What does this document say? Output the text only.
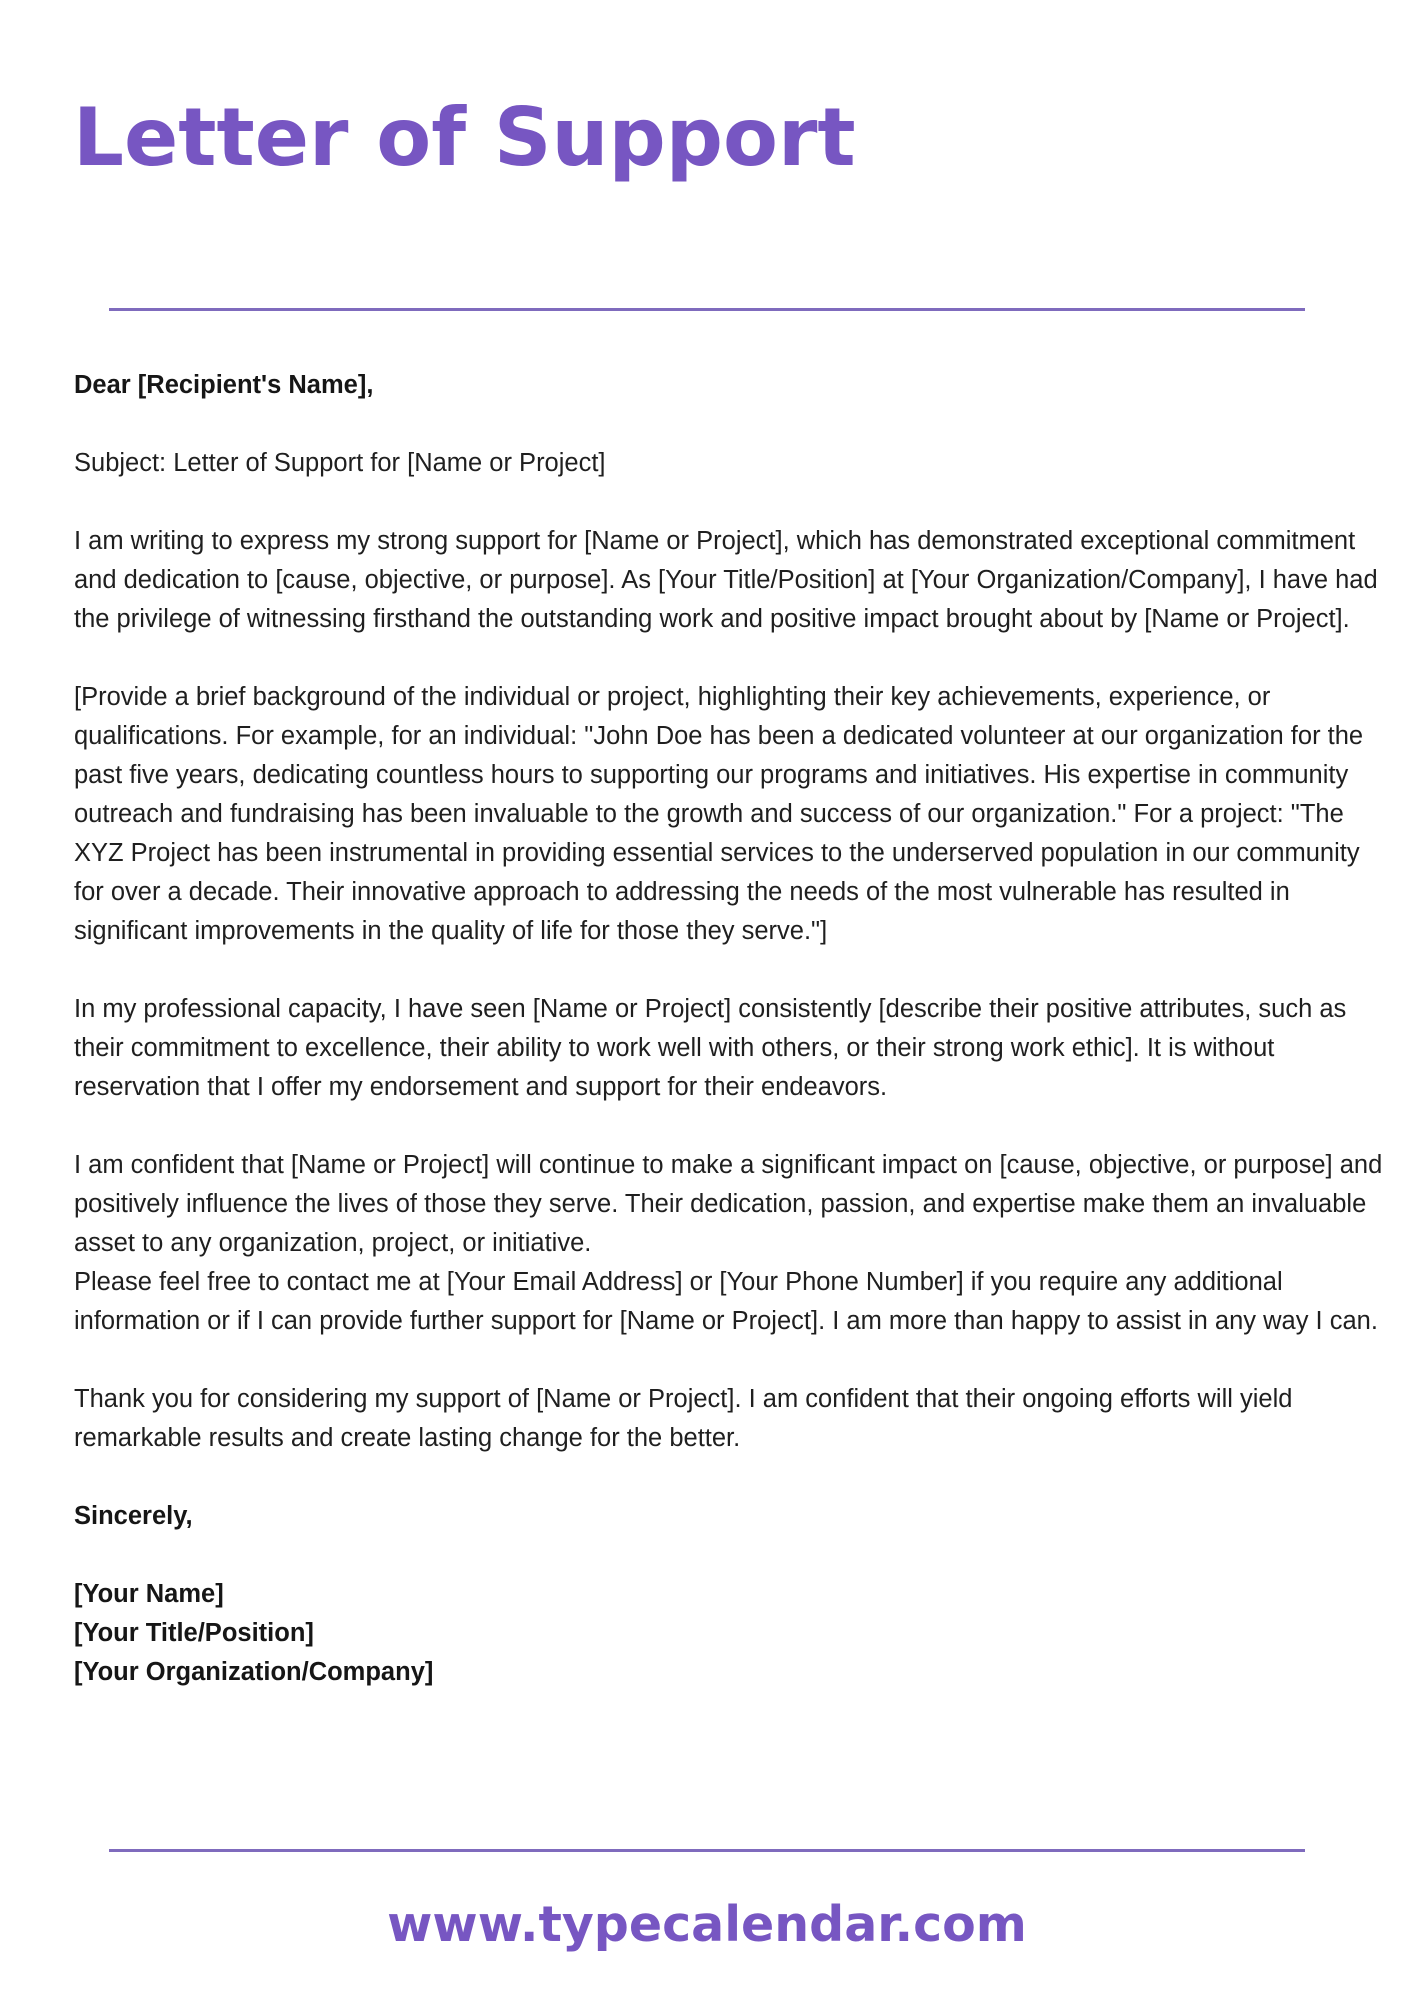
Letter of Support

Dear [Recipient's Name],

Subject: Letter of Support for [Name or Project]

I am writing to express my strong support for [Name or Project], which has demonstrated exceptional commitment and dedication to [cause, objective, or purpose]. As [Your Title/Position] at [Your Organization/Company], I have had the privilege of witnessing firsthand the outstanding work and positive impact brought about by [Name or Project].

[Provide a brief background of the individual or project, highlighting their key achievements, experience, or qualifications. For example, for an individual: "John Doe has been a dedicated volunteer at our organization for the past five years, dedicating countless hours to supporting our programs and initiatives. His expertise in community outreach and fundraising has been invaluable to the growth and success of our organization." For a project: "The XYZ Project has been instrumental in providing essential services to the underserved population in our community for over a decade. Their innovative approach to addressing the needs of the most vulnerable has resulted in significant improvements in the quality of life for those they serve."]

In my professional capacity, I have seen [Name or Project] consistently [describe their positive attributes, such as their commitment to excellence, their ability to work well with others, or their strong work ethic]. It is without reservation that I offer my endorsement and support for their endeavors.

I am confident that [Name or Project] will continue to make a significant impact on [cause, objective, or purpose] and positively influence the lives of those they serve. Their dedication, passion, and expertise make them an invaluable asset to any organization, project, or initiative.

Please feel free to contact me at [Your Email Address] or [Your Phone Number] if you require any additional information or if I can provide further support for [Name or Project]. I am more than happy to assist in any way I can.

Thank you for considering my support of [Name or Project]. I am confident that their ongoing efforts will yield remarkable results and create lasting change for the better.

Sincerely,

[Your Name]
[Your Title/Position]
[Your Organization/Company]

www.typecalendar.com
